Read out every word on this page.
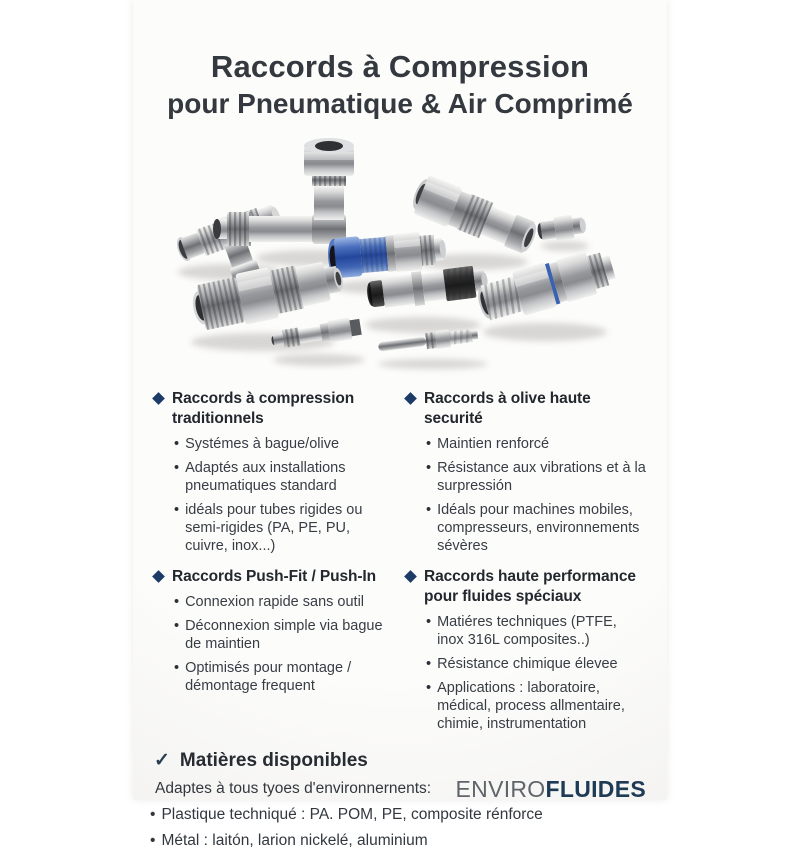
Raccords à Compression
pour Pneumatique & Air Comprimé
Raccords à compression traditionnels
• Systémes à bague/olive
• Adaptés aux installations pneumatiques standard
• idéals pour tubes rigides ou semi-rigides (PA, PE, PU, cuivre, inox...)
Raccords Push-Fit / Push-In
• Connexion rapide sans outil
• Déconnexion simple via bague de maintien
• Optimisés pour montage / démontage frequent
Raccords à olive haute securité
• Maintien renforcé
• Résistance aux vibrations et à la surpressión
• Idéals pour machines mobiles, compresseurs, environnements sévères
Raccords haute performance pour fluides spéciaux
• Matiéres techniques (PTFE, inox 316L composites..)
• Résistance chimique élevee
• Applications : laboratoire, médical, process allmentaire, chimie, instrumentation
✓ Matières disponibles
Adaptes à tous tyoes d'environnernents:
• Plastique techniqué : PA. POM, PE, composite rénforce
• Métal : laitón, larion nickelé, aluminium
ENVIROFLUIDES
